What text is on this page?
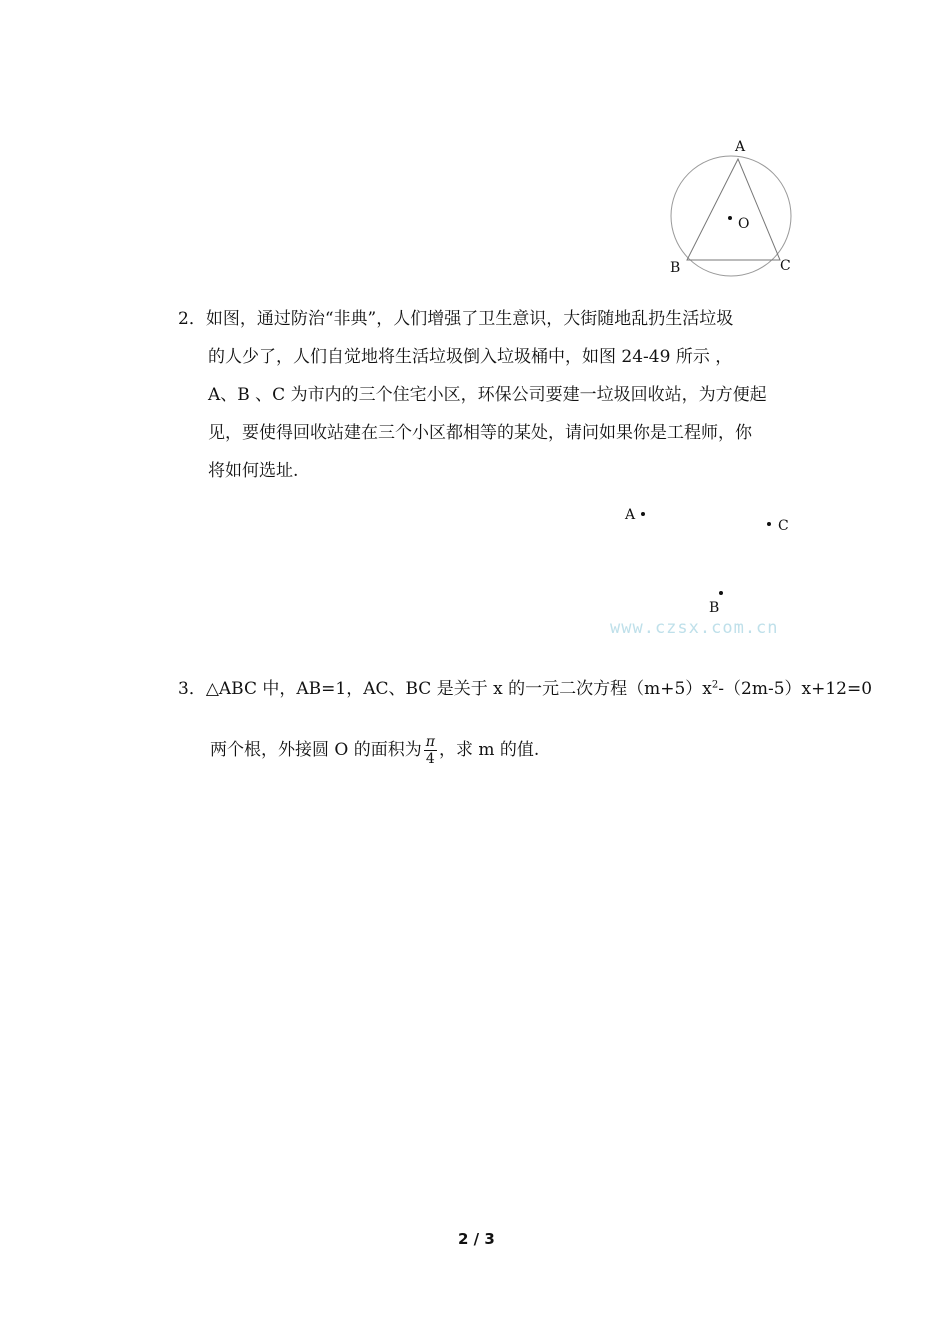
A
O
B	C
2．如图，通过防治“非典”，人们增强了卫生意识，大街随地乱扔生活垃圾
的人少了，人们自觉地将生活垃圾倒入垃圾桶中，如图 24-49 所示 ，
A、B 、C 为市内的三个住宅小区，环保公司要建一垃圾回收站，为方便起
见，要使得回收站建在三个小区都相等的某处，请问如果你是工程师，你
将如何选址.
A
C
B
www.czsx.com.cn
3．△ABC 中，AB=1，AC、BC 是关于 x 的一元二次方程$(m+5)x^2-(2m-5)x+12=0$
两个根，外接圆 O 的面积为 $\frac{\pi}{4}$ ，求 m 的值.
2 / 3
